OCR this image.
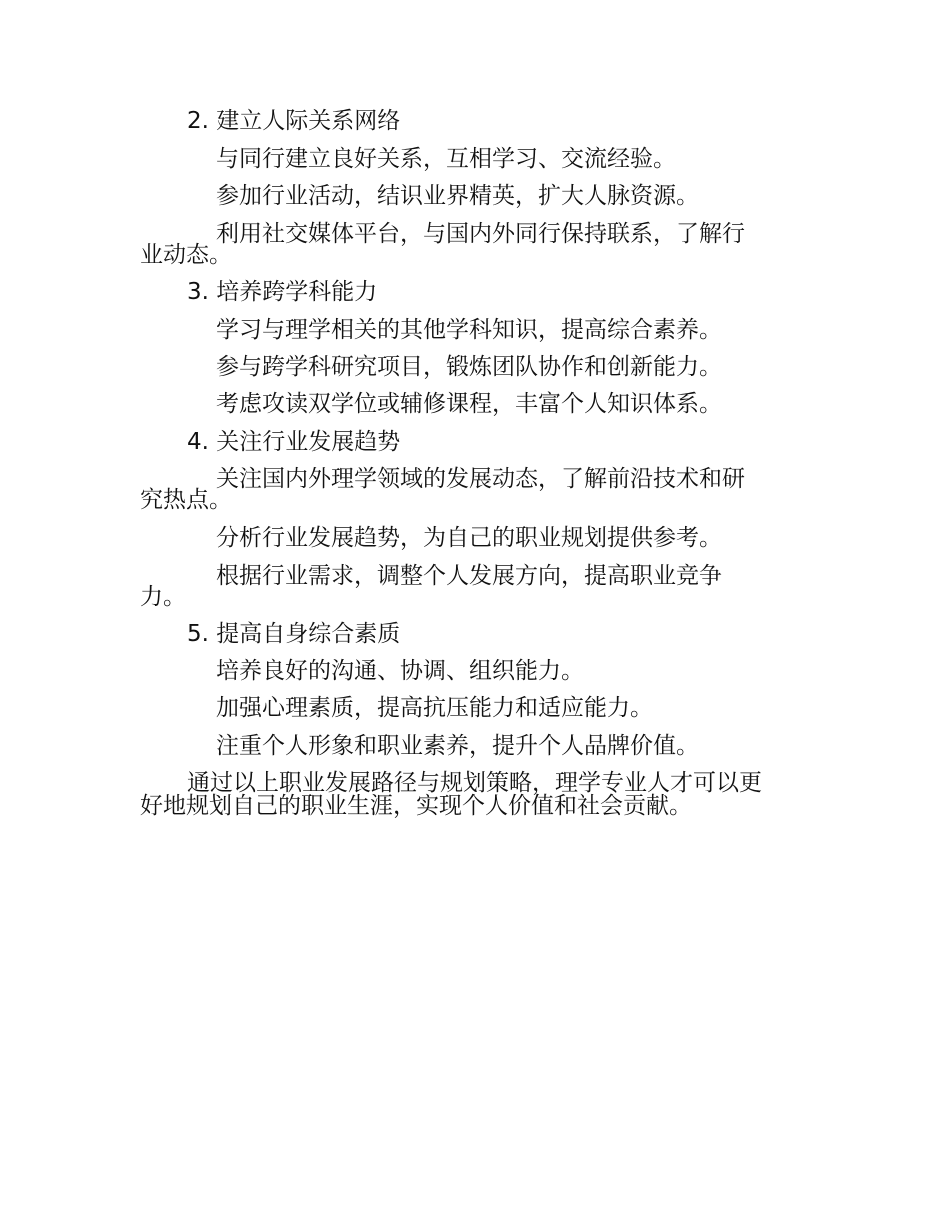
2. 建立人际关系网络
与同行建立良好关系，互相学习、交流经验。
参加行业活动，结识业界精英，扩大人脉资源。
利用社交媒体平台，与国内外同行保持联系，了解行
业动态。
3. 培养跨学科能力
学习与理学相关的其他学科知识，提高综合素养。
参与跨学科研究项目，锻炼团队协作和创新能力。
考虑攻读双学位或辅修课程，丰富个人知识体系。
4. 关注行业发展趋势
关注国内外理学领域的发展动态，了解前沿技术和研
究热点。
分析行业发展趋势，为自己的职业规划提供参考。
根据行业需求，调整个人发展方向，提高职业竞争
力。
5. 提高自身综合素质
培养良好的沟通、协调、组织能力。
加强心理素质，提高抗压能力和适应能力。
注重个人形象和职业素养，提升个人品牌价值。
通过以上职业发展路径与规划策略，理学专业人才可以更
好地规划自己的职业生涯，实现个人价值和社会贡献。
